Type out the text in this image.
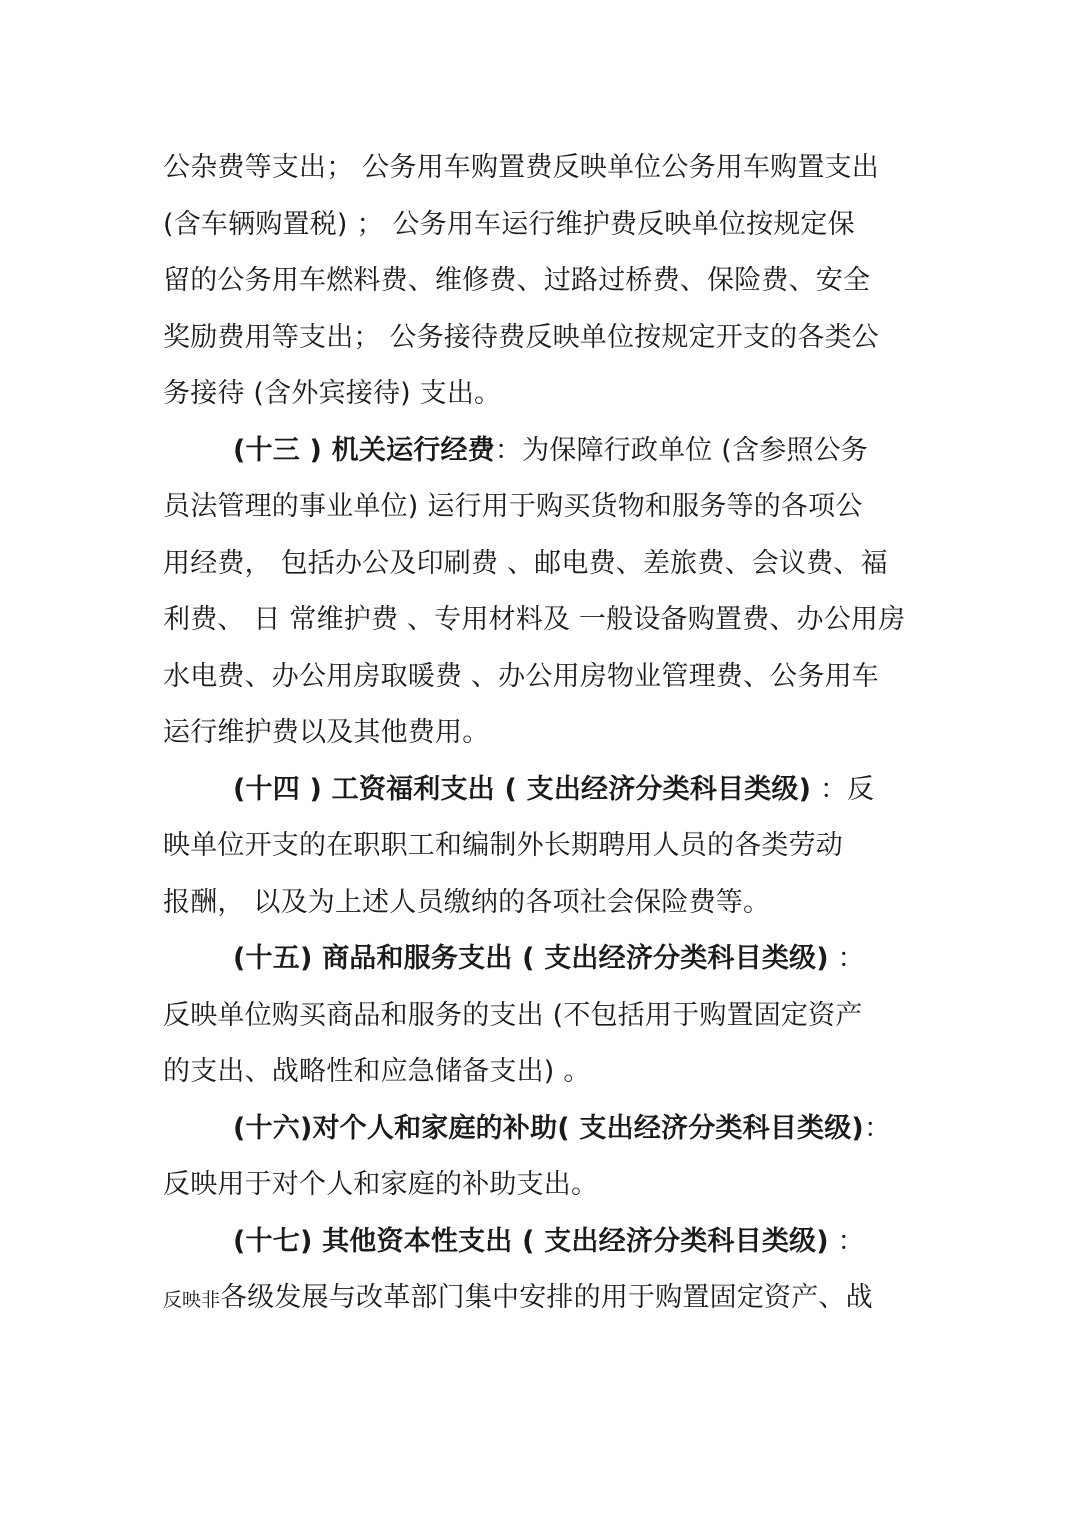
公杂费等支出； 公务用车购置费反映单位公务用车购置支出
(含车辆购置税) ； 公务用车运行维护费反映单位按规定保
留的公务用车燃料费、维修费、过路过桥费、保险费、安全
奖励费用等支出； 公务接待费反映单位按规定开支的各类公
务接待 (含外宾接待) 支出。
(十三 ) 机关运行经费：为保障行政单位 (含参照公务
员法管理的事业单位) 运行用于购买货物和服务等的各项公
用经费， 包括办公及印刷费 、邮电费、差旅费、会议费、福
利费、 日 常维护费 、专用材料及 一般设备购置费、办公用房
水电费、办公用房取暖费 、办公用房物业管理费、公务用车
运行维护费以及其他费用。
(十四 ) 工资福利支出 ( 支出经济分类科目类级) ：反
映单位开支的在职职工和编制外长期聘用人员的各类劳动
报酬， 以及为上述人员缴纳的各项社会保险费等。
(十五) 商品和服务支出 ( 支出经济分类科目类级) ：
反映单位购买商品和服务的支出 (不包括用于购置固定资产
的支出、战略性和应急储备支出) 。
(十六)对个人和家庭的补助( 支出经济分类科目类级)：
反映用于对个人和家庭的补助支出。
(十七) 其他资本性支出 ( 支出经济分类科目类级) ：
反映非各级发展与改革部门集中安排的用于购置固定资产、战
